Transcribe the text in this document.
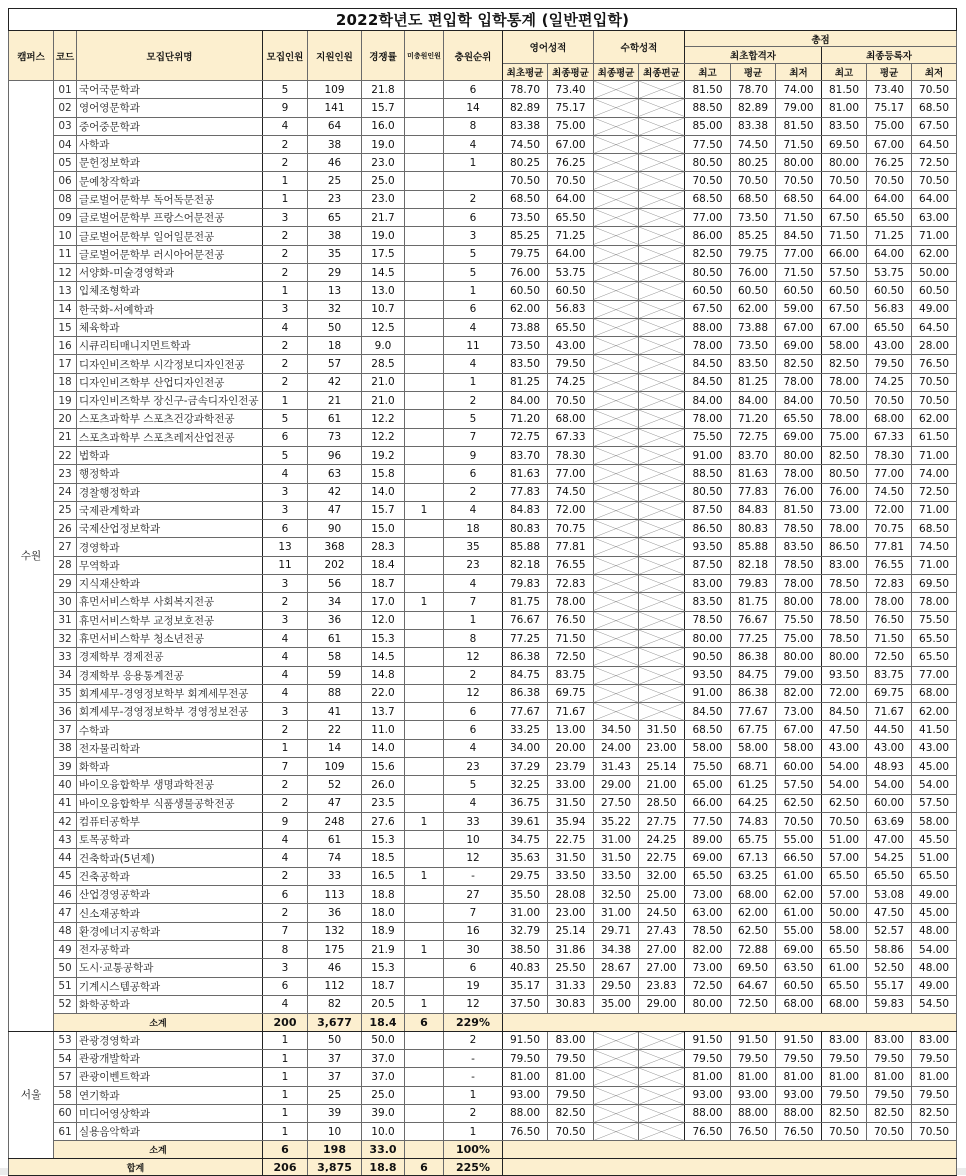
2022학년도 편입학 입학통계 (일반편입학)																	
캠퍼스	코드	모집단위명	모집인원	지원인원	경쟁률	미충원인원	충원순위	영어성적		수학성적		총점					
												최초합격자			최종등록자		
								최초평균	최종평균	최종평균	최종편균	최고	평균	최저	최고	평균	최저
수원	01	국어국문학과	5	109	21.8		6	78.70	73.40			81.50	78.70	74.00	81.50	73.40	70.50
	02	영어영문학과	9	141	15.7		14	82.89	75.17			88.50	82.89	79.00	81.00	75.17	68.50
	03	중어중문학과	4	64	16.0		8	83.38	75.00			85.00	83.38	81.50	83.50	75.00	67.50
	04	사학과	2	38	19.0		4	74.50	67.00			77.50	74.50	71.50	69.50	67.00	64.50
	05	문헌정보학과	2	46	23.0		1	80.25	76.25			80.50	80.25	80.00	80.00	76.25	72.50
	06	문예창작학과	1	25	25.0			70.50	70.50			70.50	70.50	70.50	70.50	70.50	70.50
	08	글로벌어문학부 독어독문전공	1	23	23.0		2	68.50	64.00			68.50	68.50	68.50	64.00	64.00	64.00
	09	글로벌어문학부 프랑스어문전공	3	65	21.7		6	73.50	65.50			77.00	73.50	71.50	67.50	65.50	63.00
	10	글로벌어문학부 일어일문전공	2	38	19.0		3	85.25	71.25			86.00	85.25	84.50	71.50	71.25	71.00
	11	글로벌어문학부 러시아어문전공	2	35	17.5		5	79.75	64.00			82.50	79.75	77.00	66.00	64.00	62.00
	12	서양화-미술경영학과	2	29	14.5		5	76.00	53.75			80.50	76.00	71.50	57.50	53.75	50.00
	13	입체조형학과	1	13	13.0		1	60.50	60.50			60.50	60.50	60.50	60.50	60.50	60.50
	14	한국화-서예학과	3	32	10.7		6	62.00	56.83			67.50	62.00	59.00	67.50	56.83	49.00
	15	체육학과	4	50	12.5		4	73.88	65.50			88.00	73.88	67.00	67.00	65.50	64.50
	16	시큐리티매니지먼트학과	2	18	9.0		11	73.50	43.00			78.00	73.50	69.00	58.00	43.00	28.00
	17	디자인비즈학부 시각정보디자인전공	2	57	28.5		4	83.50	79.50			84.50	83.50	82.50	82.50	79.50	76.50
	18	디자인비즈학부 산업디자인전공	2	42	21.0		1	81.25	74.25			84.50	81.25	78.00	78.00	74.25	70.50
	19	디자인비즈학부 장신구-금속디자인전공	1	21	21.0		2	84.00	70.50			84.00	84.00	84.00	70.50	70.50	70.50
	20	스포츠과학부 스포츠건강과학전공	5	61	12.2		5	71.20	68.00			78.00	71.20	65.50	78.00	68.00	62.00
	21	스포츠과학부 스포츠레저산업전공	6	73	12.2		7	72.75	67.33			75.50	72.75	69.00	75.00	67.33	61.50
	22	법학과	5	96	19.2		9	83.70	78.30			91.00	83.70	80.00	82.50	78.30	71.00
	23	행정학과	4	63	15.8		6	81.63	77.00			88.50	81.63	78.00	80.50	77.00	74.00
	24	경찰행정학과	3	42	14.0		2	77.83	74.50			80.50	77.83	76.00	76.00	74.50	72.50
	25	국제관계학과	3	47	15.7	1	4	84.83	72.00			87.50	84.83	81.50	73.00	72.00	71.00
	26	국제산업정보학과	6	90	15.0		18	80.83	70.75			86.50	80.83	78.50	78.00	70.75	68.50
	27	경영학과	13	368	28.3		35	85.88	77.81			93.50	85.88	83.50	86.50	77.81	74.50
	28	무역학과	11	202	18.4		23	82.18	76.55			87.50	82.18	78.50	83.00	76.55	71.00
	29	지식재산학과	3	56	18.7		4	79.83	72.83			83.00	79.83	78.00	78.50	72.83	69.50
	30	휴먼서비스학부 사회복지전공	2	34	17.0	1	7	81.75	78.00			83.50	81.75	80.00	78.00	78.00	78.00
	31	휴먼서비스학부 교정보호전공	3	36	12.0		1	76.67	76.50			78.50	76.67	75.50	78.50	76.50	75.50
	32	휴먼서비스학부 청소년전공	4	61	15.3		8	77.25	71.50			80.00	77.25	75.00	78.50	71.50	65.50
	33	경제학부 경제전공	4	58	14.5		12	86.38	72.50			90.50	86.38	80.00	80.00	72.50	65.50
	34	경제학부 응용통계전공	4	59	14.8		2	84.75	83.75			93.50	84.75	79.00	93.50	83.75	77.00
	35	회계세무-경영정보학부 회계세무전공	4	88	22.0		12	86.38	69.75			91.00	86.38	82.00	72.00	69.75	68.00
	36	회계세무-경영정보학부 경영정보전공	3	41	13.7		6	77.67	71.67			84.50	77.67	73.00	84.50	71.67	62.00
	37	수학과	2	22	11.0		6	33.25	13.00	34.50	31.50	68.50	67.75	67.00	47.50	44.50	41.50
	38	전자물리학과	1	14	14.0		4	34.00	20.00	24.00	23.00	58.00	58.00	58.00	43.00	43.00	43.00
	39	화학과	7	109	15.6		23	37.29	23.79	31.43	25.14	75.50	68.71	60.00	54.00	48.93	45.00
	40	바이오융합학부 생명과학전공	2	52	26.0		5	32.25	33.00	29.00	21.00	65.00	61.25	57.50	54.00	54.00	54.00
	41	바이오융합학부 식품생물공학전공	2	47	23.5		4	36.75	31.50	27.50	28.50	66.00	64.25	62.50	62.50	60.00	57.50
	42	컴퓨터공학부	9	248	27.6	1	33	39.61	35.94	35.22	27.75	77.50	74.83	70.50	70.50	63.69	58.00
	43	토목공학과	4	61	15.3		10	34.75	22.75	31.00	24.25	89.00	65.75	55.00	51.00	47.00	45.50
	44	건축학과(5년제)	4	74	18.5		12	35.63	31.50	31.50	22.75	69.00	67.13	66.50	57.00	54.25	51.00
	45	건축공학과	2	33	16.5	1	-	29.75	33.50	33.50	32.00	65.50	63.25	61.00	65.50	65.50	65.50
	46	산업경영공학과	6	113	18.8		27	35.50	28.08	32.50	25.00	73.00	68.00	62.00	57.00	53.08	49.00
	47	신소재공학과	2	36	18.0		7	31.00	23.00	31.00	24.50	63.00	62.00	61.00	50.00	47.50	45.00
	48	환경에너지공학과	7	132	18.9		16	32.79	25.14	29.71	27.43	78.50	62.50	55.00	58.00	52.57	48.00
	49	전자공학과	8	175	21.9	1	30	38.50	31.86	34.38	27.00	82.00	72.88	69.00	65.50	58.86	54.00
	50	도시·교통공학과	3	46	15.3		6	40.83	25.50	28.67	27.00	73.00	69.50	63.50	61.00	52.50	48.00
	51	기계시스템공학과	6	112	18.7		19	35.17	31.33	29.50	23.83	72.50	64.67	60.50	65.50	55.17	49.00
	52	화학공학과	4	82	20.5	1	12	37.50	30.83	35.00	29.00	80.00	72.50	68.00	68.00	59.83	54.50
	소계		200	3,677	18.4	6	229%										
서울	53	관광경영학과	1	50	50.0		2	91.50	83.00			91.50	91.50	91.50	83.00	83.00	83.00
	54	관광개발학과	1	37	37.0		-	79.50	79.50			79.50	79.50	79.50	79.50	79.50	79.50
	57	관광이벤트학과	1	37	37.0		-	81.00	81.00			81.00	81.00	81.00	81.00	81.00	81.00
	58	연기학과	1	25	25.0		1	93.00	79.50			93.00	93.00	93.00	79.50	79.50	79.50
	60	미디어영상학과	1	39	39.0		2	88.00	82.50			88.00	88.00	88.00	82.50	82.50	82.50
	61	실용음악학과	1	10	10.0		1	76.50	70.50			76.50	76.50	76.50	70.50	70.50	70.50
	소계		6	198	33.0		100%										
합계			206	3,875	18.8	6	225%										
